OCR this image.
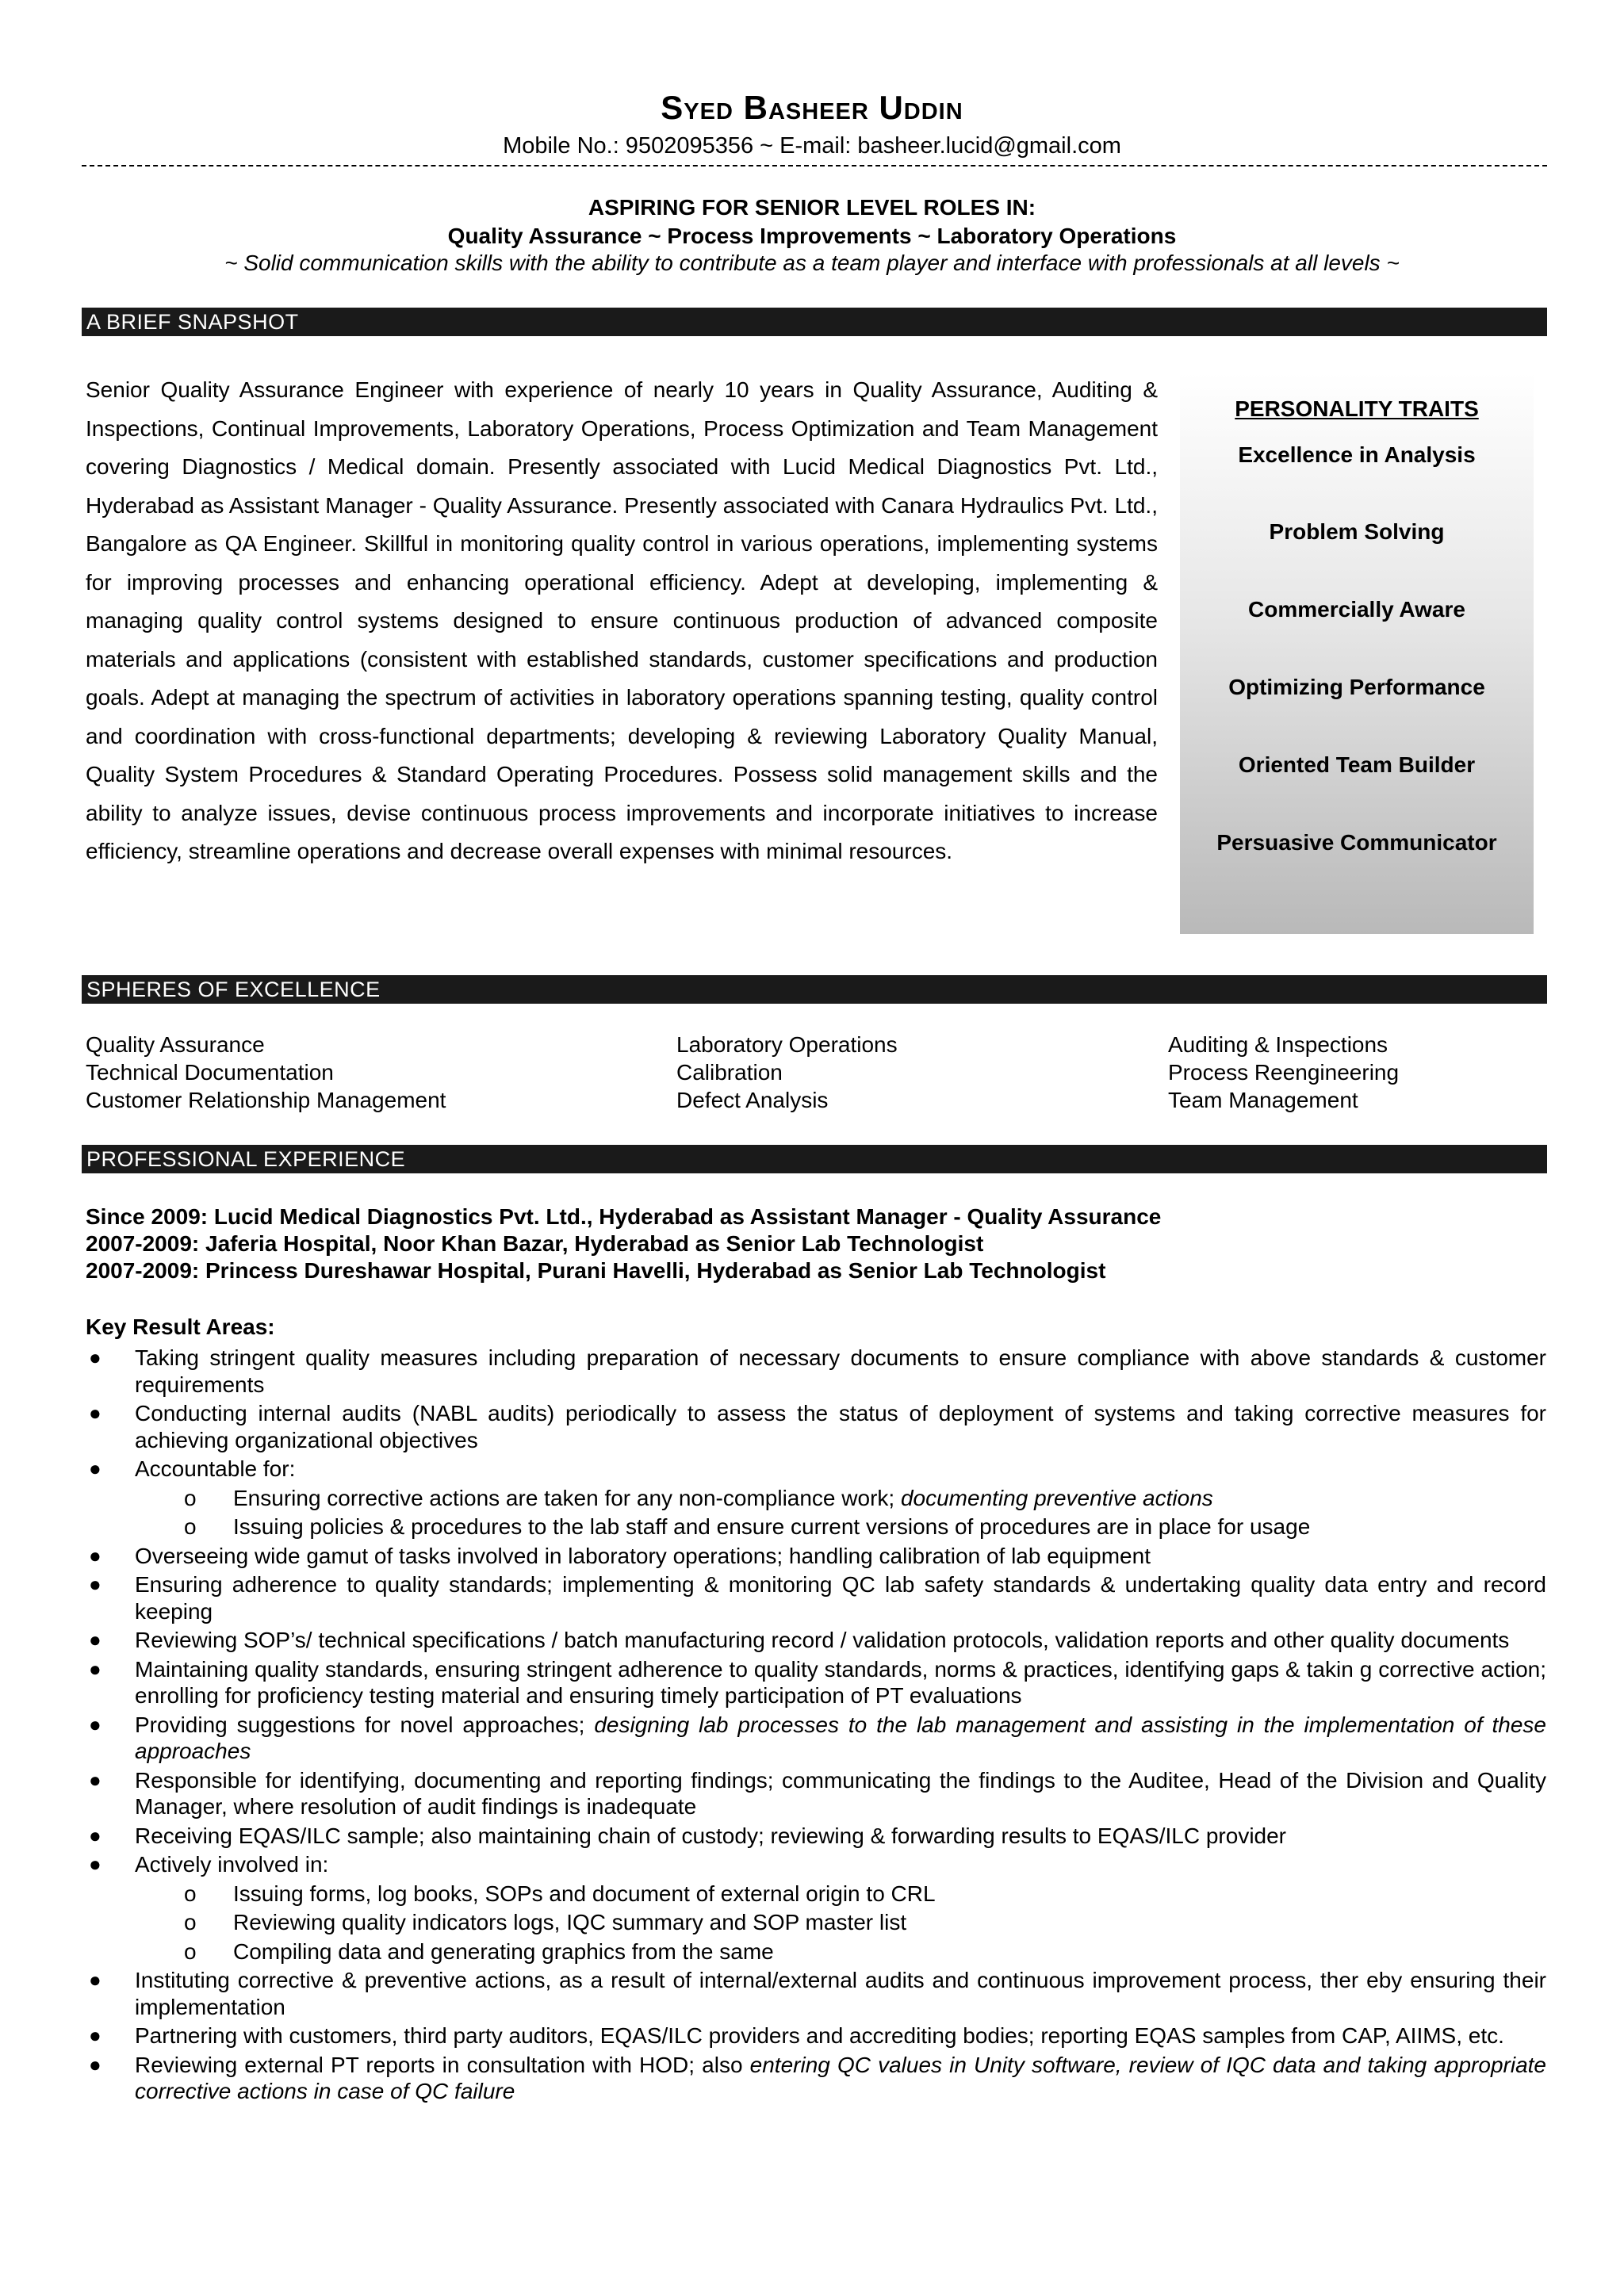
Syed Basheer Uddin
Mobile No.: 9502095356 ~ E-mail: basheer.lucid@gmail.com
ASPIRING FOR SENIOR LEVEL ROLES IN:
Quality Assurance ~ Process Improvements ~ Laboratory Operations
~ Solid communication skills with the ability to contribute as a team player and interface with professionals at all levels ~
A BRIEF SNAPSHOT
Senior Quality Assurance Engineer with experience of nearly 10 years in Quality Assurance, Auditing & Inspections, Continual Improvements, Laboratory Operations, Process Optimization and Team Management covering Diagnostics / Medical domain. Presently associated with Lucid Medical Diagnostics Pvt. Ltd., Hyderabad as Assistant Manager - Quality Assurance. Presently associated with Canara Hydraulics Pvt. Ltd., Bangalore as QA Engineer. Skillful in monitoring quality control in various operations, implementing systems for improving processes and enhancing operational efficiency. Adept at developing, implementing & managing quality control systems designed to ensure continuous production of advanced composite materials and applications (consistent with established standards, customer specifications and production goals. Adept at managing the spectrum of activities in laboratory operations spanning testing, quality control and coordination with cross-functional departments; developing & reviewing Laboratory Quality Manual, Quality System Procedures & Standard Operating Procedures. Possess solid management skills and the ability to analyze issues, devise continuous process improvements and incorporate initiatives to increase efficiency, streamline operations and decrease overall expenses with minimal resources.
PERSONALITY TRAITS
Excellence in Analysis
Problem Solving
Commercially Aware
Optimizing Performance
Oriented Team Builder
Persuasive Communicator
SPHERES OF EXCELLENCE
Quality Assurance
Technical Documentation
Customer Relationship Management
Laboratory Operations
Calibration
Defect Analysis
Auditing & Inspections
Process Reengineering
Team Management
PROFESSIONAL EXPERIENCE
Since 2009: Lucid Medical Diagnostics Pvt. Ltd., Hyderabad as Assistant Manager - Quality Assurance
2007-2009: Jaferia Hospital, Noor Khan Bazar, Hyderabad as Senior Lab Technologist
2007-2009: Princess Dureshawar Hospital, Purani Havelli, Hyderabad as Senior Lab Technologist
Key Result Areas:
● Taking stringent quality measures including preparation of necessary documents to ensure compliance with above standards & customer requirements
● Conducting internal audits (NABL audits) periodically to assess the status of deployment of systems and taking corrective measures for achieving organizational objectives
● Accountable for:
o Ensuring corrective actions are taken for any non-compliance work; documenting preventive actions
o Issuing policies & procedures to the lab staff and ensure current versions of procedures are in place for usage
● Overseeing wide gamut of tasks involved in laboratory operations; handling calibration of lab equipment
● Ensuring adherence to quality standards; implementing & monitoring QC lab safety standards & undertaking quality data entry and record keeping
● Reviewing SOP’s/ technical specifications / batch manufacturing record / validation protocols, validation reports and other quality documents
● Maintaining quality standards, ensuring stringent adherence to quality standards, norms & practices, identifying gaps & takin g corrective action; enrolling for proficiency testing material and ensuring timely participation of PT evaluations
● Providing suggestions for novel approaches; designing lab processes to the lab management and assisting in the implementation of these approaches
● Responsible for identifying, documenting and reporting findings; communicating the findings to the Auditee, Head of the Division and Quality Manager, where resolution of audit findings is inadequate
● Receiving EQAS/ILC sample; also maintaining chain of custody; reviewing & forwarding results to EQAS/ILC provider
● Actively involved in:
o Issuing forms, log books, SOPs and document of external origin to CRL
o Reviewing quality indicators logs, IQC summary and SOP master list
o Compiling data and generating graphics from the same
● Instituting corrective & preventive actions, as a result of internal/external audits and continuous improvement process, ther eby ensuring their implementation
● Partnering with customers, third party auditors, EQAS/ILC providers and accrediting bodies; reporting EQAS samples from CAP, AIIMS, etc.
● Reviewing external PT reports in consultation with HOD; also entering QC values in Unity software, review of IQC data and taking appropriate corrective actions in case of QC failure
